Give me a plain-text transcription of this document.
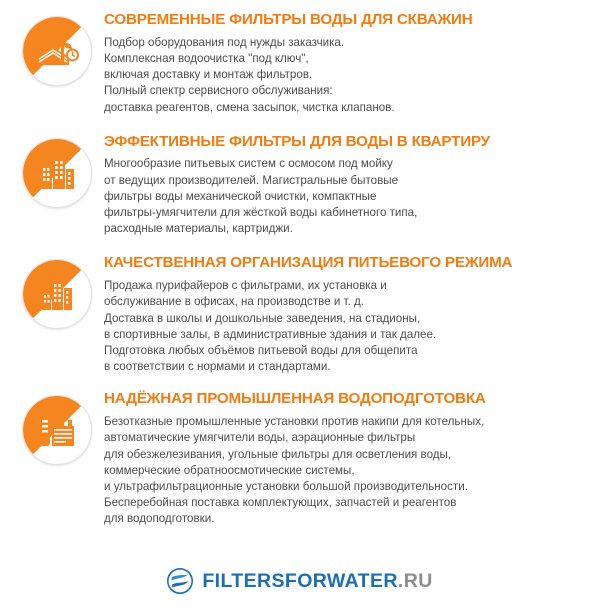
СОВРЕМЕННЫЕ ФИЛЬТРЫ ВОДЫ ДЛЯ СКВАЖИН
Подбор оборудования под нужды заказчика.
Комплексная водоочистка "под ключ",
включая доставку и монтаж фильтров.
Полный спектр сервисного обслуживания:
доставка реагентов, смена засыпок, чистка клапанов.
ЭФФЕКТИВНЫЕ ФИЛЬТРЫ ДЛЯ ВОДЫ В КВАРТИРУ
Многообразие питьевых систем с осмосом под мойку
от ведущих производителей. Магистральные бытовые
фильтры воды механической очистки, компактные
фильтры-умягчители для жёсткой воды кабинетного типа,
расходные материалы, картриджи.
КАЧЕСТВЕННАЯ ОРГАНИЗАЦИЯ ПИТЬЕВОГО РЕЖИМА
Продажа пурифайеров с фильтрами, их установка и
обслуживание в офисах, на производстве и т. д.
Доставка в школы и дошкольные заведения, на стадионы,
в спортивные залы, в административные здания и так далее.
Подготовка любых объёмов питьевой воды для общепита
в соответствии с нормами и стандартами.
НАДЁЖНАЯ ПРОМЫШЛЕННАЯ ВОДОПОДГОТОВКА
Безотказные промышленные установки против накипи для котельных,
автоматические умягчители воды, аэрационные фильтры
для обезжелезивания, угольные фильтры для осветления воды,
коммерческие обратноосмотические системы,
и ультрафильтрационные установки большой производительности.
Бесперебойная поставка комплектующих, запчастей и реагентов
для водоподготовки.
FILTERSFORWATER.RU
